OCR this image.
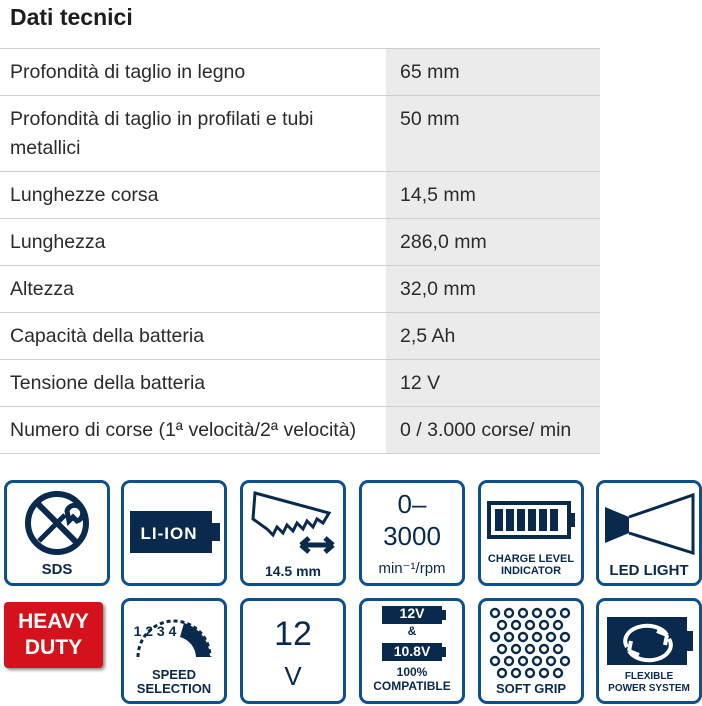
Dati tecnici
Profondità di taglio in legno	65 mm
Profondità di taglio in profilati e tubi metallici	50 mm
Lunghezze corsa	14,5 mm
Lunghezza	286,0 mm
Altezza	32,0 mm
Capacità della batteria	2,5 Ah
Tensione della batteria	12 V
Numero di corse (1ª velocità/2ª velocità)	0 / 3.000 corse/ min
SDS
LI-ION
14.5 mm
0–
3000
min⁻¹/rpm
CHARGE LEVEL
INDICATOR	LED LIGHT
HEAVY
DUTY
1 2 3 4
SPEED
SELECTION
12
V
12V
&
10.8V
100%
COMPATIBLE	SOFT GRIP
FLEXIBLE
POWER SYSTEM
